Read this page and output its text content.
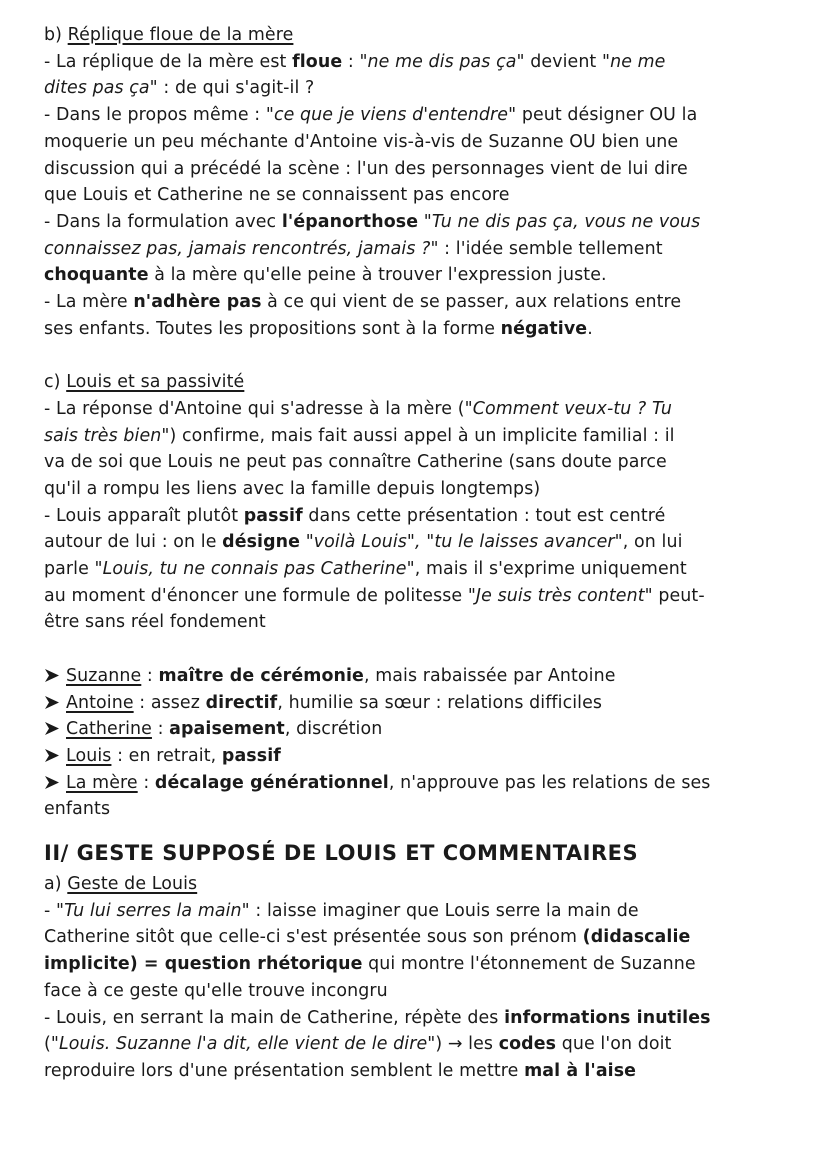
b) Réplique floue de la mère

- La réplique de la mère est floue : "ne me dis pas ça" devient "ne me
dites pas ça" : de qui s'agit-il ?
- Dans le propos même : "ce que je viens d'entendre" peut désigner OU la
moquerie un peu méchante d'Antoine vis-à-vis de Suzanne OU bien une
discussion qui a précédé la scène : l'un des personnages vient de lui dire
que Louis et Catherine ne se connaissent pas encore
- Dans la formulation avec l'épanorthose "Tu ne dis pas ça, vous ne vous
connaissez pas, jamais rencontrés, jamais ?" : l'idée semble tellement
choquante à la mère qu'elle peine à trouver l'expression juste.
- La mère n'adhère pas à ce qui vient de se passer, aux relations entre
ses enfants. Toutes les propositions sont à la forme négative.

c) Louis et sa passivité

- La réponse d'Antoine qui s'adresse à la mère ("Comment veux-tu ? Tu
sais très bien") confirme, mais fait aussi appel à un implicite familial : il
va de soi que Louis ne peut pas connaître Catherine (sans doute parce
qu'il a rompu les liens avec la famille depuis longtemps)
- Louis apparaît plutôt passif dans cette présentation : tout est centré
autour de lui : on le désigne "voilà Louis", "tu le laisses avancer", on lui
parle "Louis, tu ne connais pas Catherine", mais il s'exprime uniquement
au moment d'énoncer une formule de politesse "Je suis très content" peut-
être sans réel fondement
Suzanne : maître de cérémonie, mais rabaissée par Antoine
Antoine : assez directif, humilie sa sœur : relations difficiles
Catherine : apaisement, discrétion
Louis : en retrait, passif
La mère : décalage générationnel, n'approuve pas les relations de ses
enfants
II/ GESTE SUPPOSÉ DE LOUIS ET COMMENTAIRES

a) Geste de Louis

- "Tu lui serres la main" : laisse imaginer que Louis serre la main de
Catherine sitôt que celle-ci s'est présentée sous son prénom (didascalie
implicite) = question rhétorique qui montre l'étonnement de Suzanne
face à ce geste qu'elle trouve incongru
- Louis, en serrant la main de Catherine, répète des informations inutiles
("Louis. Suzanne l'a dit, elle vient de le dire") → les codes que l'on doit
reproduire lors d'une présentation semblent le mettre mal à l'aise
